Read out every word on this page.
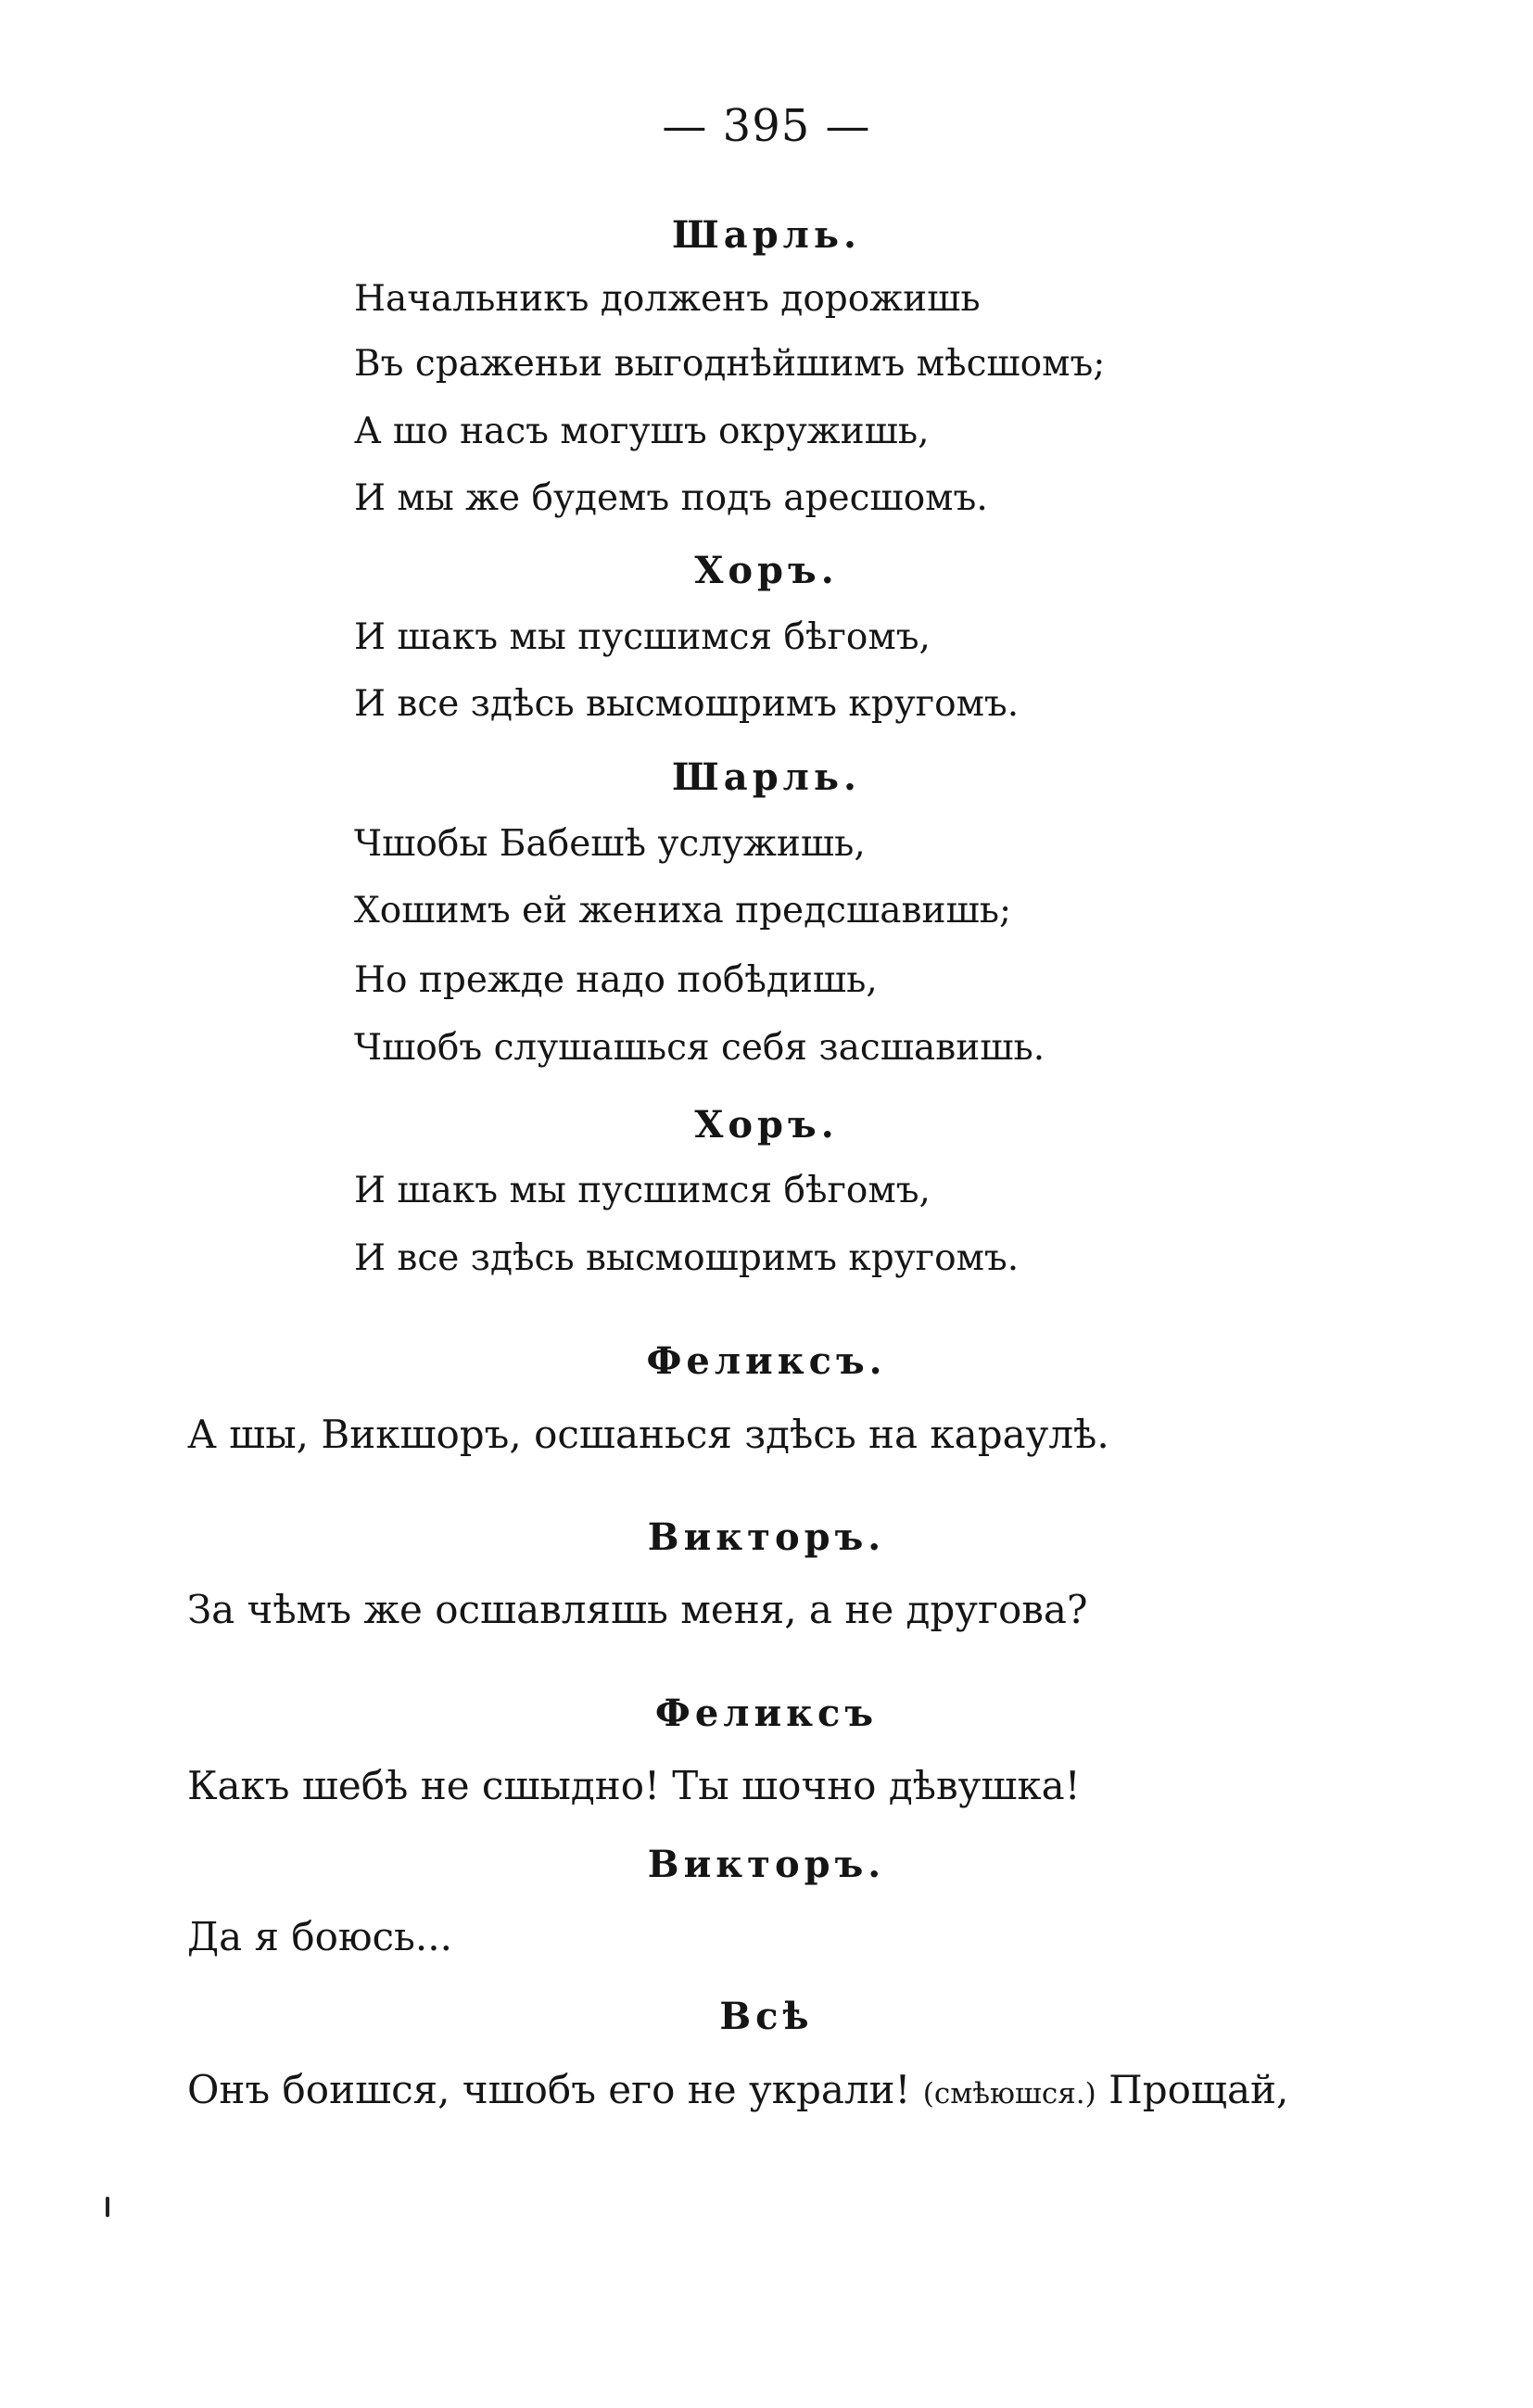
— 395 —
Шарль.
Начальникъ долженъ дорожишь
Въ сраженьи выгоднѣйшимъ мѣсшомъ;
А шо насъ могушъ окружишь,
И мы же будемъ подъ аресшомъ.
Хоръ.
И шакъ мы пусшимся бѣгомъ,
И все здѣсь высмошримъ кругомъ.
Шарль.
Чшобы Бабешѣ услужишь,
Хошимъ ей жениха предсшавишь;
Но прежде надо побѣдишь,
Чшобъ слушашься себя засшавишь.
Хоръ.
И шакъ мы пусшимся бѣгомъ,
И все здѣсь высмошримъ кругомъ.
Феликсъ.
А шы, Викшоръ, осшанься здѣсь на караулѣ.
Викторъ.
За чѣмъ же осшавляшь меня, а не другова?
Феликсъ
Какъ шебѣ не сшыдно! Ты шочно дѣвушка!
Викторъ.
Да я боюсь...
Всѣ
Онъ боишся, чшобъ его не украли! (смѣюшся.) Прощай,
